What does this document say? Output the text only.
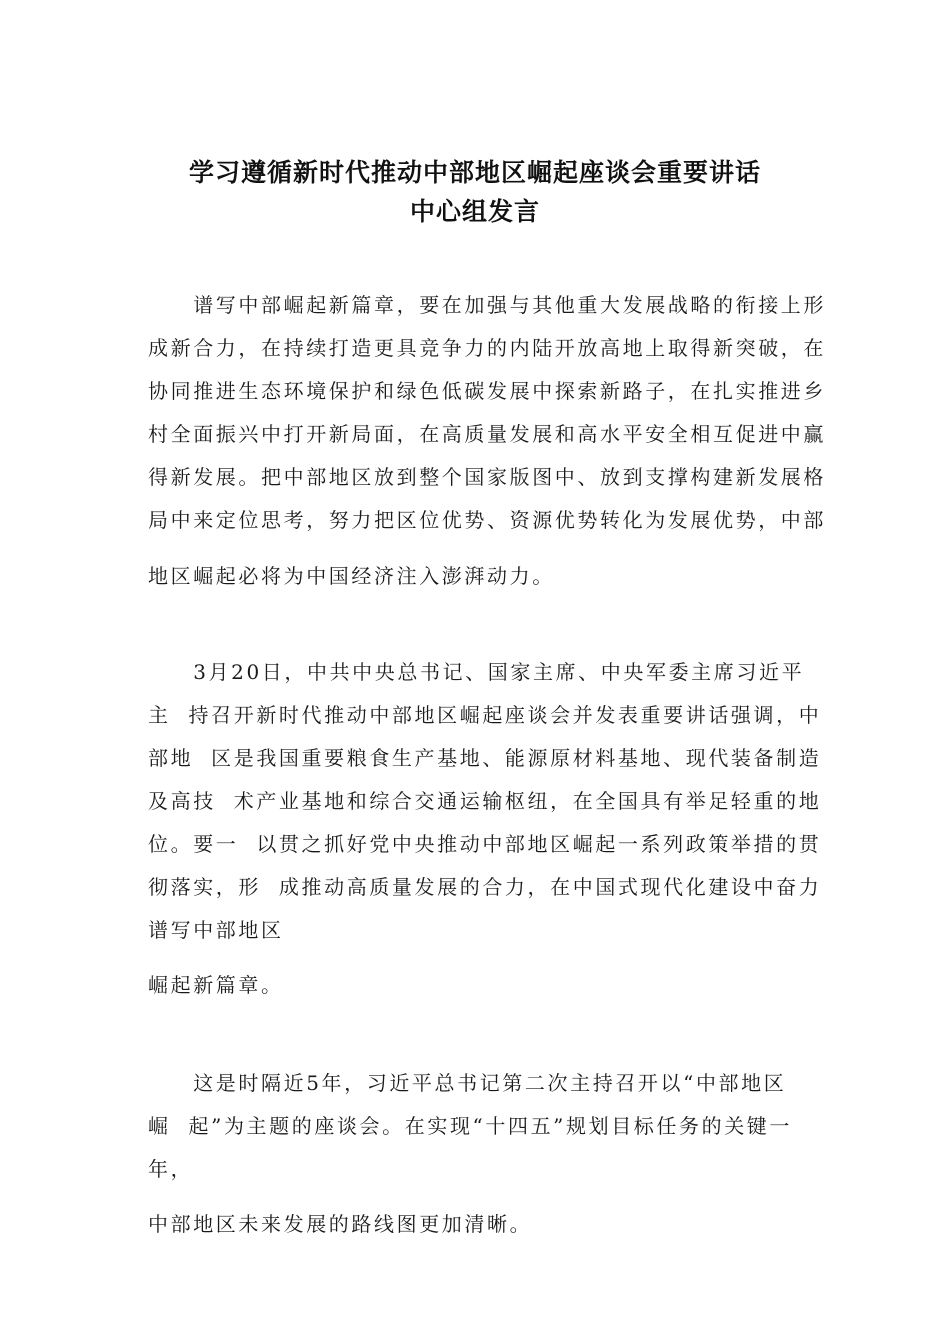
学习遵循新时代推动中部地区崛起座谈会重要讲话
中心组发言
　　谱写中部崛起新篇章，要在加强与其他重大发展战略的衔接上形
成新合力，在持续打造更具竞争力的内陆开放高地上取得新突破，在
协同推进生态环境保护和绿色低碳发展中探索新路子，在扎实推进乡
村全面振兴中打开新局面，在高质量发展和高水平安全相互促进中赢
得新发展。把中部地区放到整个国家版图中、放到支撑构建新发展格
局中来定位思考，努力把区位优势、资源优势转化为发展优势，中部
地区崛起必将为中国经济注入澎湃动力。
　　3月20日，中共中央总书记、国家主席、中央军委主席习近平
主  持召开新时代推动中部地区崛起座谈会并发表重要讲话强调，中
部地  区是我国重要粮食生产基地、能源原材料基地、现代装备制造
及高技  术产业基地和综合交通运输枢纽，在全国具有举足轻重的地
位。要一  以贯之抓好党中央推动中部地区崛起一系列政策举措的贯
彻落实，形  成推动高质量发展的合力，在中国式现代化建设中奋力
谱写中部地区
崛起新篇章。
　　这是时隔近5年，习近平总书记第二次主持召开以“中部地区
崛  起”为主题的座谈会。在实现“十四五”规划目标任务的关键一
年，
中部地区未来发展的路线图更加清晰。
